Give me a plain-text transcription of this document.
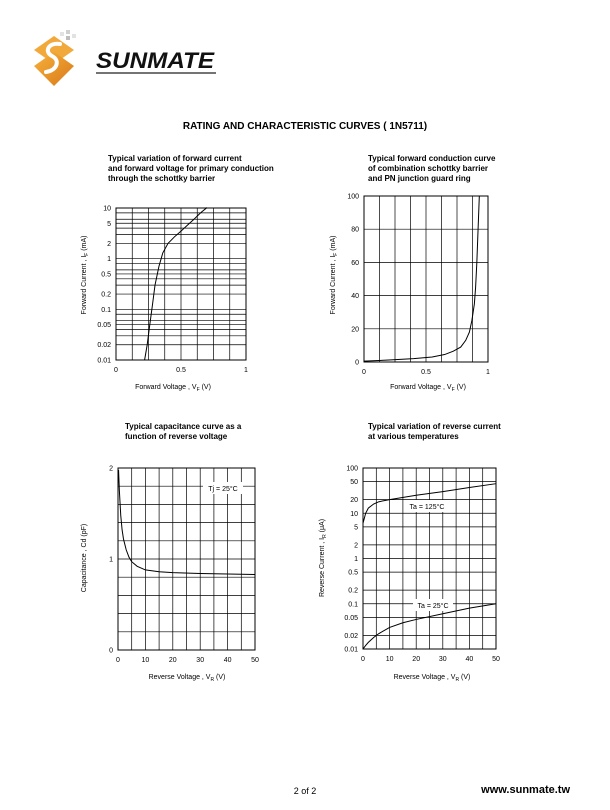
SUNMATE
RATING AND CHARACTERISTIC CURVES ( 1N5711)
Typical variation of forward current
and forward voltage for primary conduction
through the schottky barrier
Typical forward conduction curve
of combination schottky barrier
and PN junction guard ring
Typical capacitance curve as a
function of reverse voltage
Typical variation of reverse current
at various temperatures
10
5
2
1
0.5
0.2
0.1
0.05
0.02
0.01
0	0.5	1
Forward Voltage , $V_F$ (V)
Forward Current , $I_F$ (mA)
100
80
60
40
20
0
0	0.5	1
Forward Voltage , $V_F$ (V)
Forward Current , $I_F$ (mA)
2
1
0
0	10	20	30	40	50
Tj = 25°C
Reverse Voltage , $V_R$ (V)
Capacitance , Cd (pF)
100
50
20
10
5
2
1
0.5
0.2
0.1
0.05
0.02
0.01
0	10	20	30	40	50
Ta = 125°C
Ta = 25°C
Reverse Voltage , $V_R$ (V)
Reverse Current , $I_R$ (μA)
2 of 2	www.sunmate.tw
